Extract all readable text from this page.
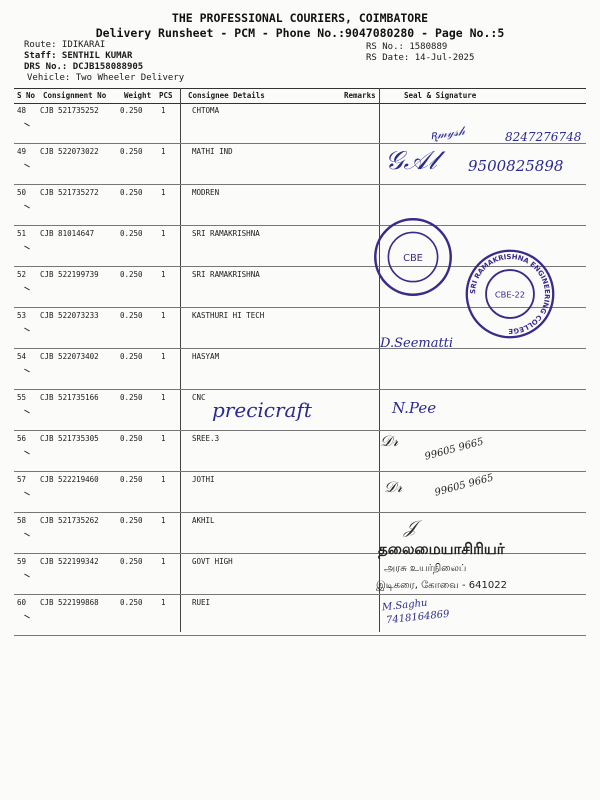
THE PROFESSIONAL COURIERS, COIMBATORE
Delivery Runsheet - PCM - Phone No.:9047080280 - Page No.:5
Route: IDIKARAI
Staff: SENTHIL KUMAR
DRS No.: DCJB158088905
Vehicle: Two Wheeler Delivery
RS No.: 1580889
RS Date: 14-Jul-2025
S No Consignment No Weight PCS Consignee Details	Remarks	Seal & Signature
48 CJB 521735252	0.250 1	CHTOMA
49 CJB 522073022	0.250 1	MATHI IND
50 CJB 521735272	0.250 1	MODREN
51 CJB 81014647	0.250 1	SRI RAMAKRISHNA
52 CJB 522199739	0.250 1	SRI RAMAKRISHNA
53 CJB 522073233	0.250 1	KASTHURI HI TECH
54 CJB 522073402	0.250 1	HASYAM
55 CJB 521735166	0.250 1	CNC
56 CJB 521735305	0.250 1	SREE.3
57 CJB 522219460	0.250 1	JOTHI
58 CJB 521735262	0.250 1	AKHIL
59 CJB 522199342	0.250 1	GOVT HIGH
60 CJB 522199868	0.250 1	RUEI
ꭆ𝓂𝓎𝓈𝒽	8247276748
𝒢𝒜𝓁 9500825898
D.Seematti
precicraft	N.Pee
𝒟𝓇	99605 9665
𝒟𝓇	99605 9665
𝒥
தலைமையாசிரியர்
அரசு உயர்நிலைப்
இடிகரை, கோவை - 641022
M.Saghu
7418164869
CBE
SRI RAMAKRISHNA ENGINEERING COLLEGE
CBE-22
